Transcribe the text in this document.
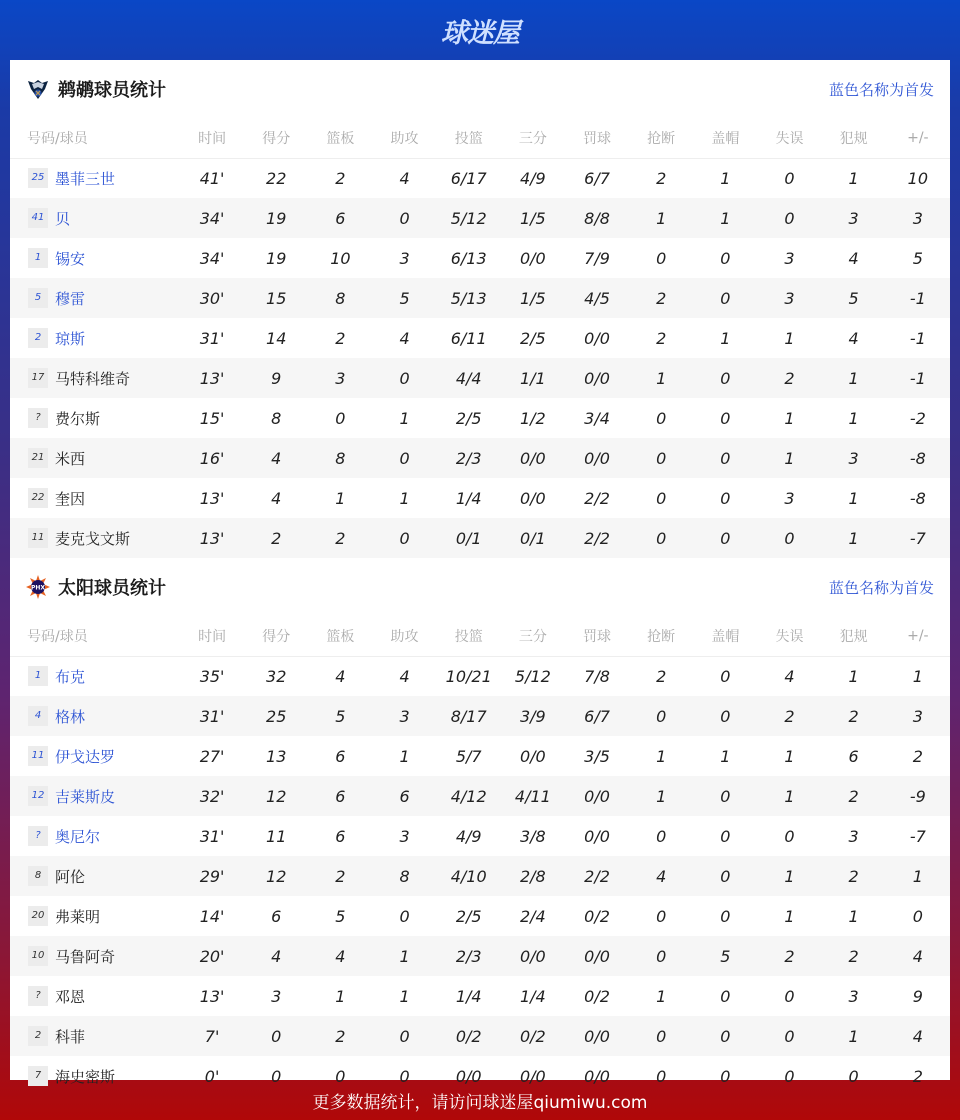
球迷屋
鹈鹕球员统计	蓝色名称为首发
号码/球员	时间	得分	篮板	助攻	投篮	三分	罚球	抢断	盖帽	失误	犯规	+/-
25 墨菲三世	41'	22	2	4	6/17	4/9	6/7	2	1	0	1	10
41 贝	34'	19	6	0	5/12	1/5	8/8	1	1	0	3	3
1 锡安	34'	19	10	3	6/13	0/0	7/9	0	0	3	4	5
5 穆雷	30'	15	8	5	5/13	1/5	4/5	2	0	3	5	-1
2 琼斯	31'	14	2	4	6/11	2/5	0/0	2	1	1	4	-1
17 马特科维奇	13'	9	3	0	4/4	1/1	0/0	1	0	2	1	-1
? 费尔斯	15'	8	0	1	2/5	1/2	3/4	0	0	1	1	-2
21 米西	16'	4	8	0	2/3	0/0	0/0	0	0	1	3	-8
22 奎因	13'	4	1	1	1/4	0/0	2/2	0	0	3	1	-8
11 麦克戈文斯	13'	2	2	0	0/1	0/1	2/2	0	0	0	1	-7
PHX 太阳球员统计	蓝色名称为首发
号码/球员	时间	得分	篮板	助攻	投篮	三分	罚球	抢断	盖帽	失误	犯规	+/-
1 布克	35'	32	4	4	10/21	5/12	7/8	2	0	4	1	1
4 格林	31'	25	5	3	8/17	3/9	6/7	0	0	2	2	3
11 伊戈达罗	27'	13	6	1	5/7	0/0	3/5	1	1	1	6	2
12 吉莱斯皮	32'	12	6	6	4/12	4/11	0/0	1	0	1	2	-9
? 奥尼尔	31'	11	6	3	4/9	3/8	0/0	0	0	0	3	-7
8 阿伦	29'	12	2	8	4/10	2/8	2/2	4	0	1	2	1
20 弗莱明	14'	6	5	0	2/5	2/4	0/2	0	0	1	1	0
10 马鲁阿奇	20'	4	4	1	2/3	0/0	0/0	0	5	2	2	4
? 邓恩	13'	3	1	1	1/4	1/4	0/2	1	0	0	3	9
2 科菲	7'	0	2	0	0/2	0/2	0/0	0	0	0	1	4
7 海史密斯	0'	0	0	0	0/0	0/0	0/0	0	0	0	0	2
更多数据统计，请访问球迷屋qiumiwu.com
